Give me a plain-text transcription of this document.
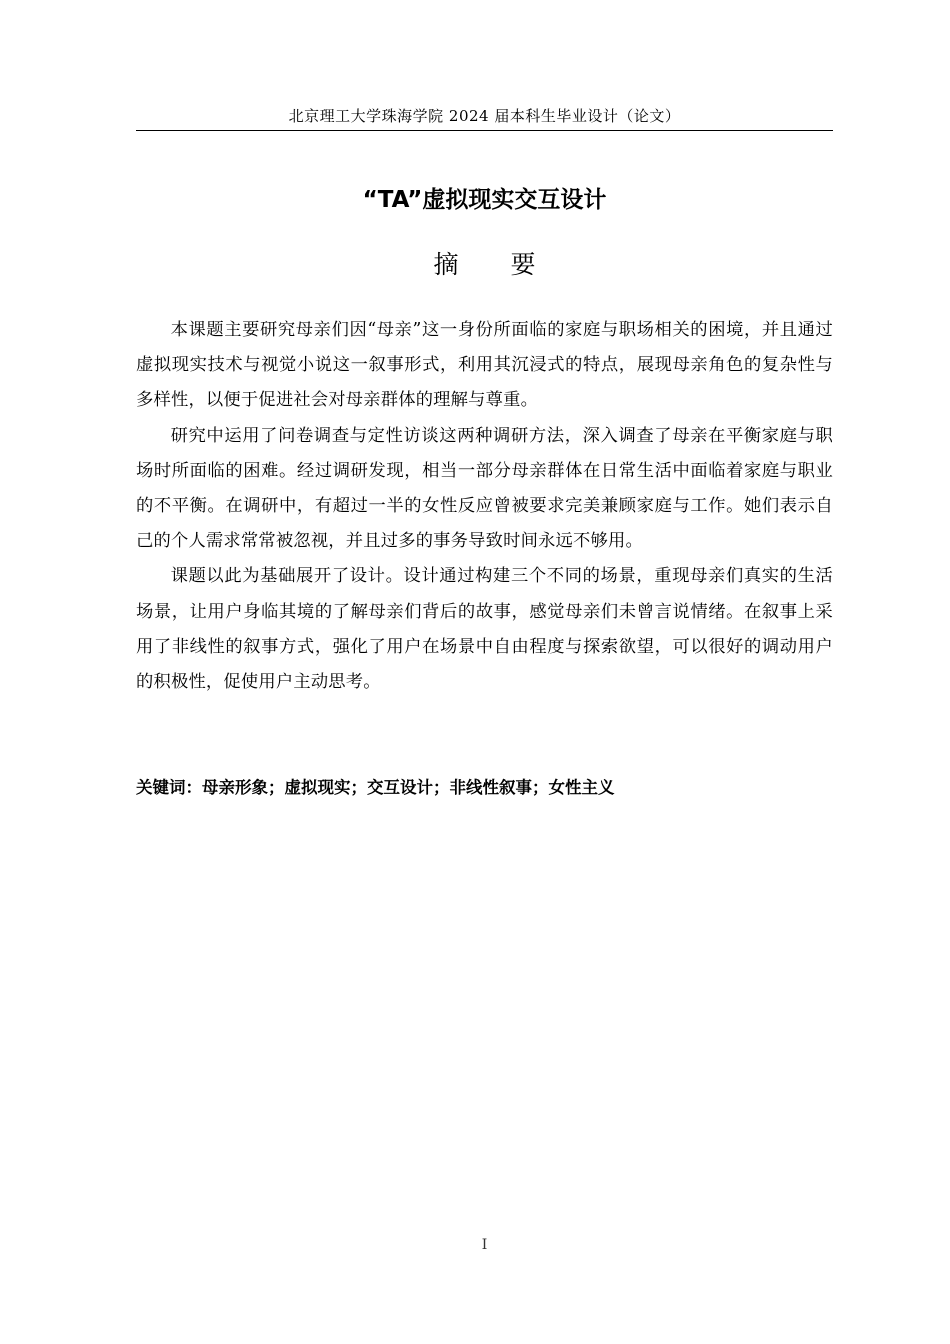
北京理工大学珠海学院 2024 届本科生毕业设计（论文）
“TA”虚拟现实交互设计
摘 要

本课题主要研究母亲们因“母亲”这一身份所面临的家庭与职场相关的困境，并且通过虚拟现实技术与视觉小说这一叙事形式，利用其沉浸式的特点，展现母亲角色的复杂性与多样性，以便于促进社会对母亲群体的理解与尊重。

研究中运用了问卷调查与定性访谈这两种调研方法，深入调查了母亲在平衡家庭与职场时所面临的困难。经过调研发现，相当一部分母亲群体在日常生活中面临着家庭与职业的不平衡。在调研中，有超过一半的女性反应曾被要求完美兼顾家庭与工作。她们表示自己的个人需求常常被忽视，并且过多的事务导致时间永远不够用。

课题以此为基础展开了设计。设计通过构建三个不同的场景，重现母亲们真实的生活场景，让用户身临其境的了解母亲们背后的故事，感觉母亲们未曾言说情绪。在叙事上采用了非线性的叙事方式，强化了用户在场景中自由程度与探索欲望，可以很好的调动用户的积极性，促使用户主动思考。

关键词：母亲形象；虚拟现实；交互设计；非线性叙事；女性主义
I
